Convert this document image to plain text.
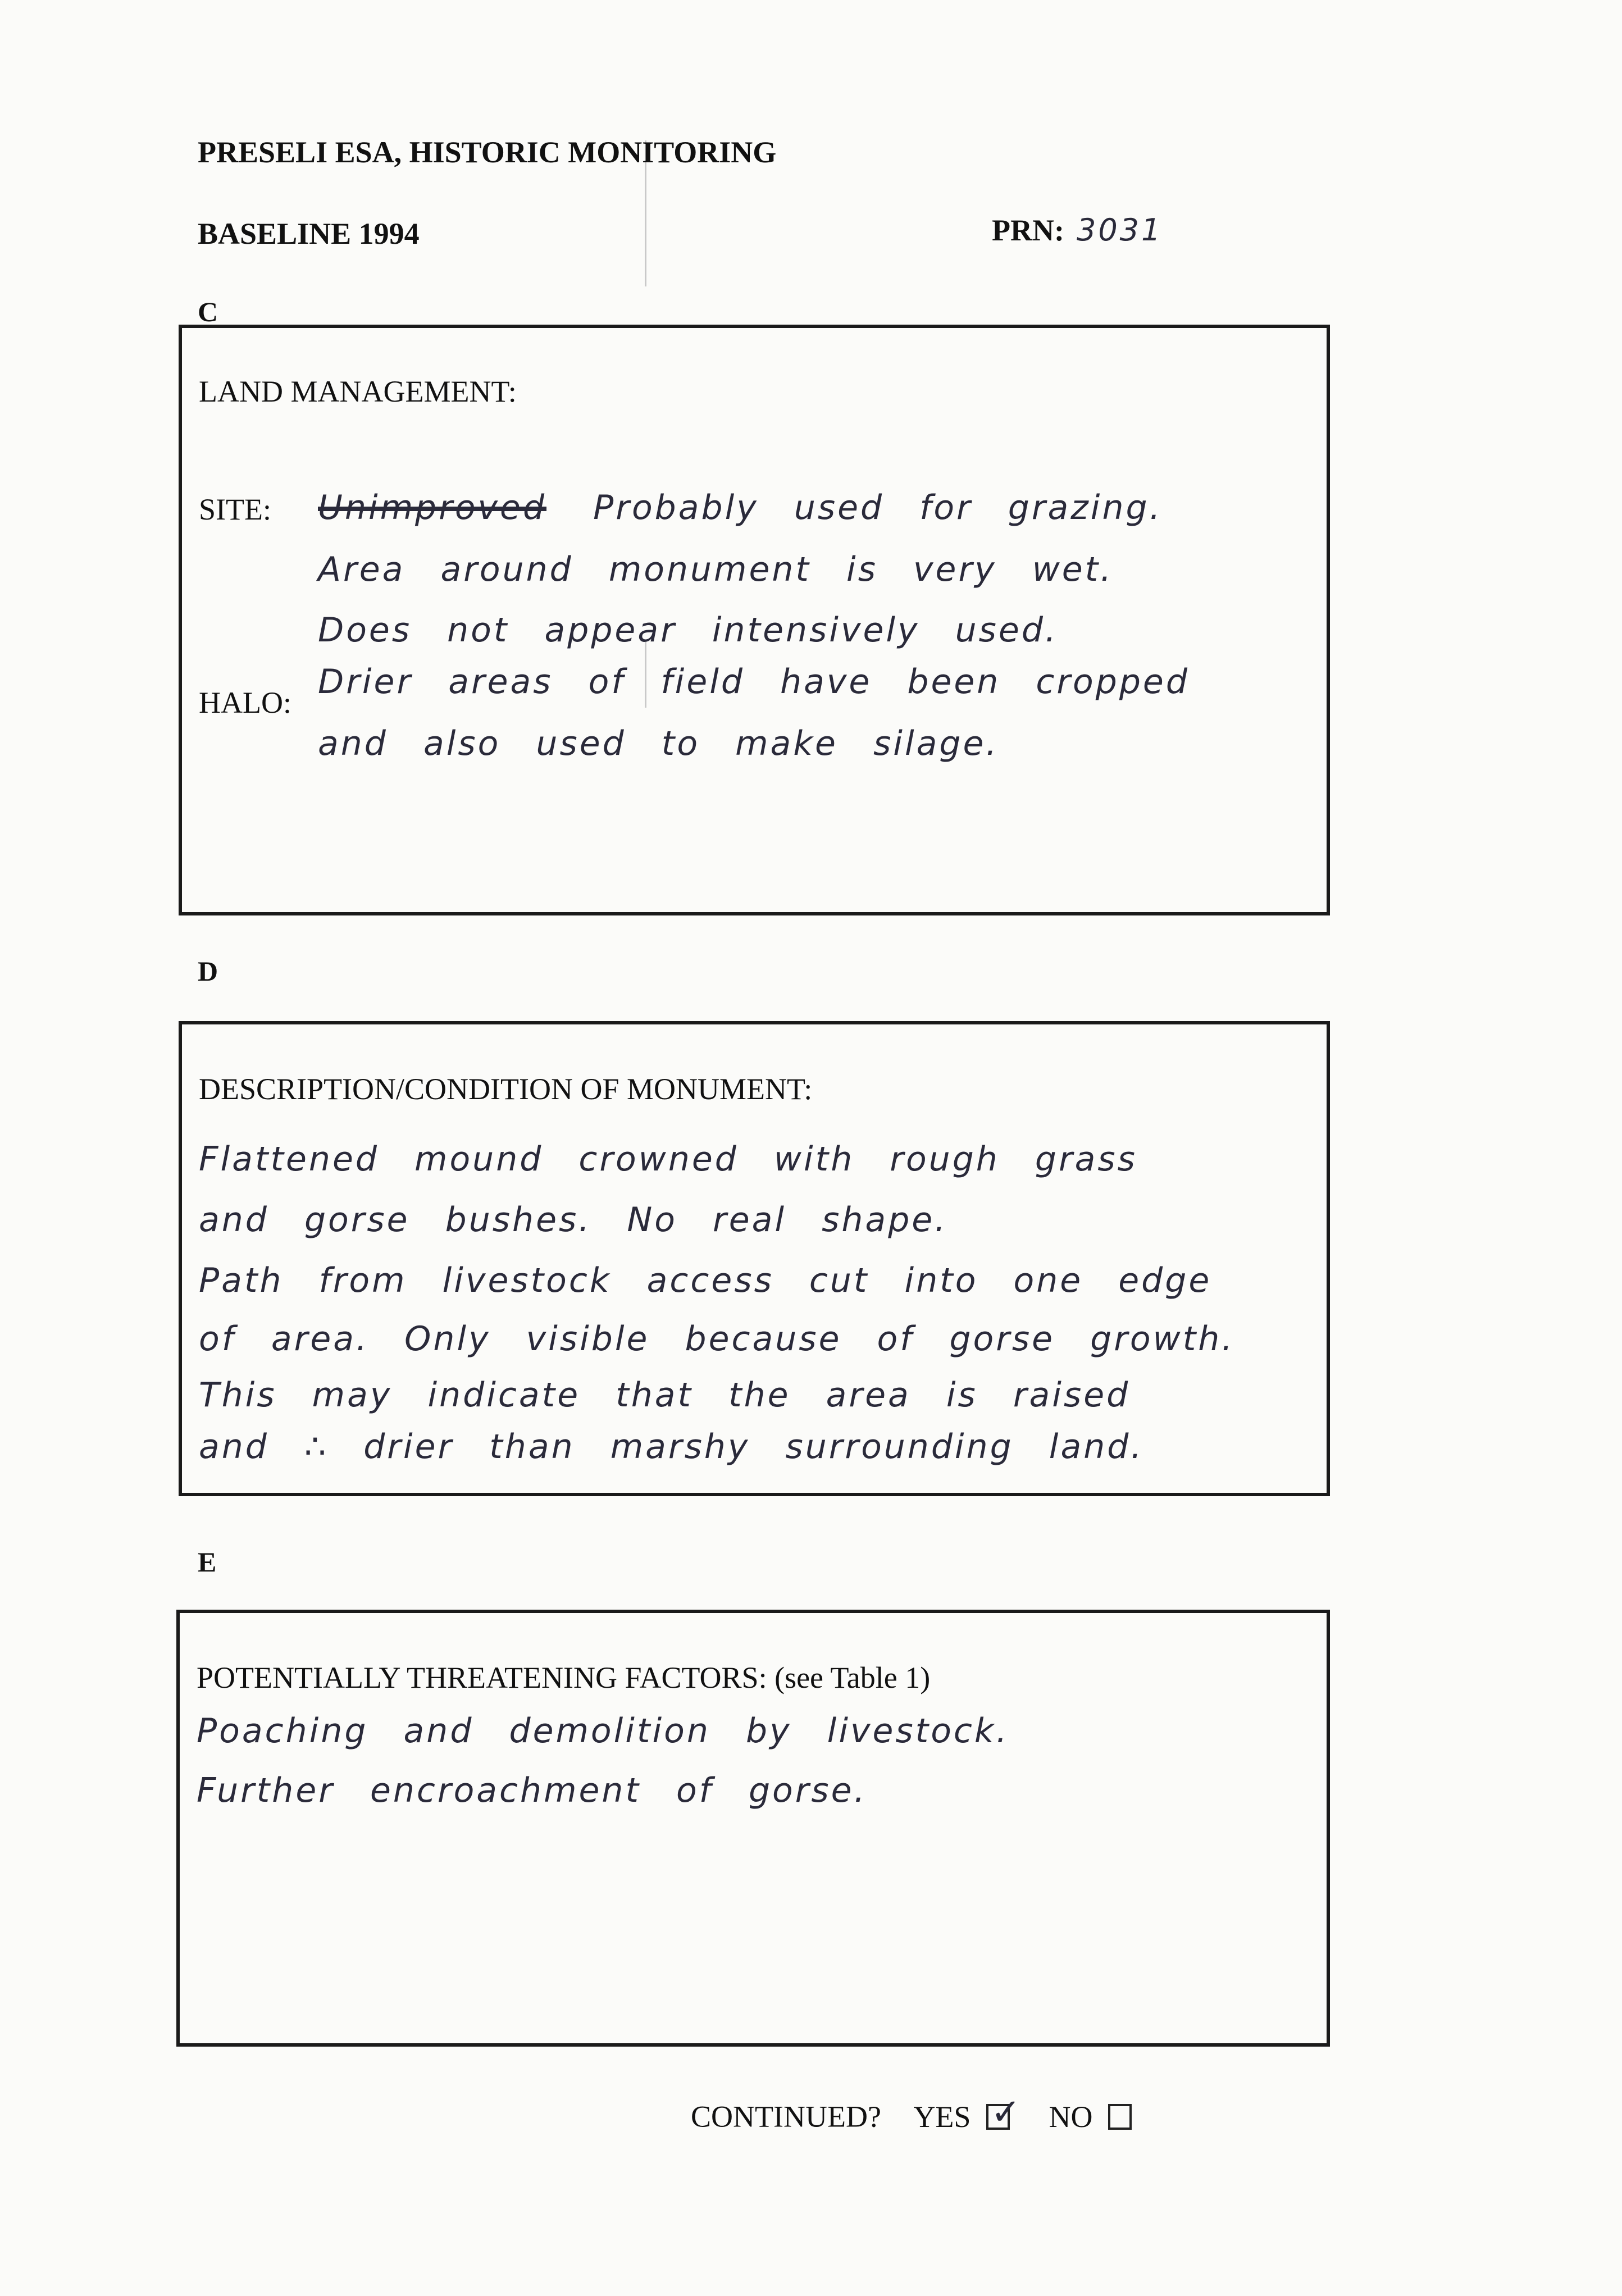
PRESELI ESA, HISTORIC MONITORING
BASELINE 1994	PRN: 3031
C
LAND MANAGEMENT:
SITE: Unimproved Probably used for grazing.
Area around monument is very wet.
Does not appear intensively used.
HALO:
Drier areas of field have been cropped
and also used to make silage.
D
DESCRIPTION/CONDITION OF MONUMENT:
Flattened mound crowned with rough grass
and gorse bushes. No real shape.
Path from livestock access cut into one edge
of area. Only visible because of gorse growth.
This may indicate that the area is raised
and ∴ drier than marshy surrounding land.
E
POTENTIALLY THREATENING FACTORS: (see Table 1)
Poaching and demolition by livestock.
Further encroachment of gorse.
CONTINUED? YES ✓ NO
